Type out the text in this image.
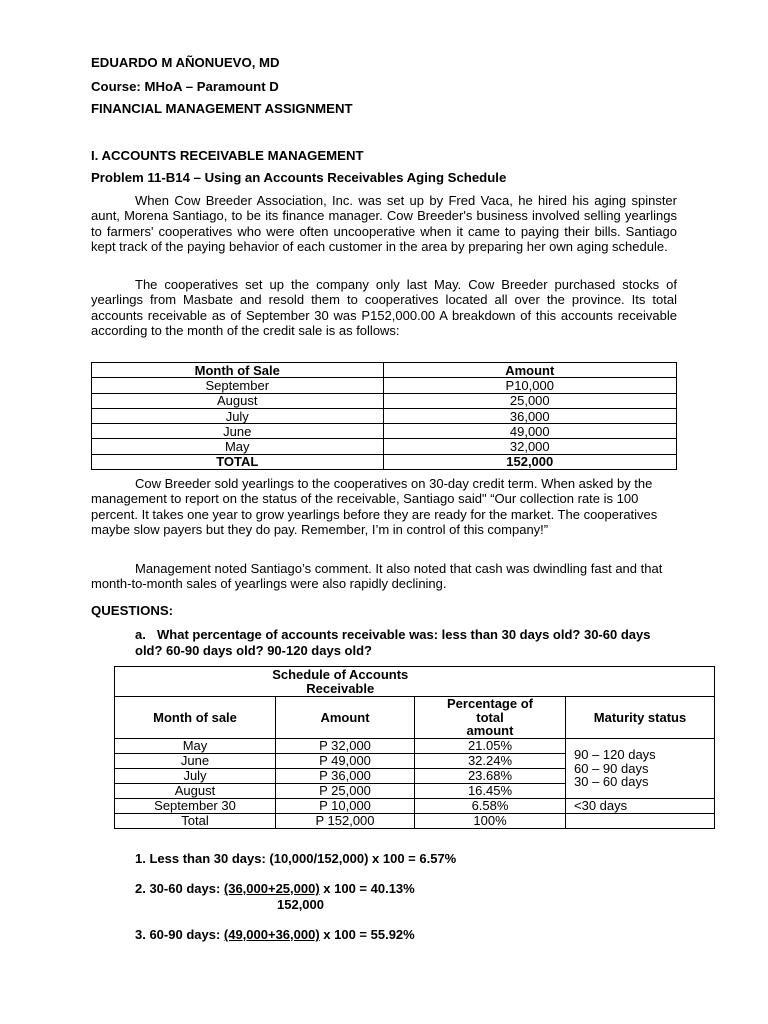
EDUARDO M AÑONUEVO, MD
Course: MHoA – Paramount D
FINANCIAL MANAGEMENT ASSIGNMENT
I. ACCOUNTS RECEIVABLE MANAGEMENT
Problem 11-B14 – Using an Accounts Receivables Aging Schedule
When Cow Breeder Association, Inc. was set up by Fred Vaca, he hired his aging spinster aunt, Morena Santiago, to be its finance manager. Cow Breeder's business involved selling yearlings to farmers' cooperatives who were often uncooperative when it came to paying their bills. Santiago kept track of the paying behavior of each customer in the area by preparing her own aging schedule.
The cooperatives set up the company only last May. Cow Breeder purchased stocks of yearlings from Masbate and resold them to cooperatives located all over the province. Its total accounts receivable as of September 30 was P152,000.00 A breakdown of this accounts receivable according to the month of the credit sale is as follows:
Month of Sale	Amount
September	P10,000
August	25,000
July	36,000
June	49,000
May	32,000
TOTAL	152,000
Cow Breeder sold yearlings to the cooperatives on 30-day credit term. When asked by the management to report on the status of the receivable, Santiago said" “Our collection rate is 100 percent. It takes one year to grow yearlings before they are ready for the market. The cooperatives maybe slow payers but they do pay. Remember, I’m in control of this company!”
Management noted Santiago’s comment. It also noted that cash was dwindling fast and that month-to-month sales of yearlings were also rapidly declining.
QUESTIONS:
a. What percentage of accounts receivable was: less than 30 days old? 30-60 days old? 60-90 days old? 90-120 days old?
Schedule of Accounts
Receivable			

Month of sale	Amount	Percentage of
total
amount	Maturity status
May	P 32,000	21.05%	90 – 120 days
60 – 90 days
30 – 60 days

June	P 49,000	32.24%	
July	P 36,000	23.68%	
August	P 25,000	16.45%	
September 30	P 10,000	6.58%	<30 days
Total	P 152,000	100%	
1. Less than 30 days: (10,000/152,000) x 100 = 6.57%
2. 30-60 days: (36,000+25,000) x 100 = 40.13%
152,000
3. 60-90 days: (49,000+36,000) x 100 = 55.92%
